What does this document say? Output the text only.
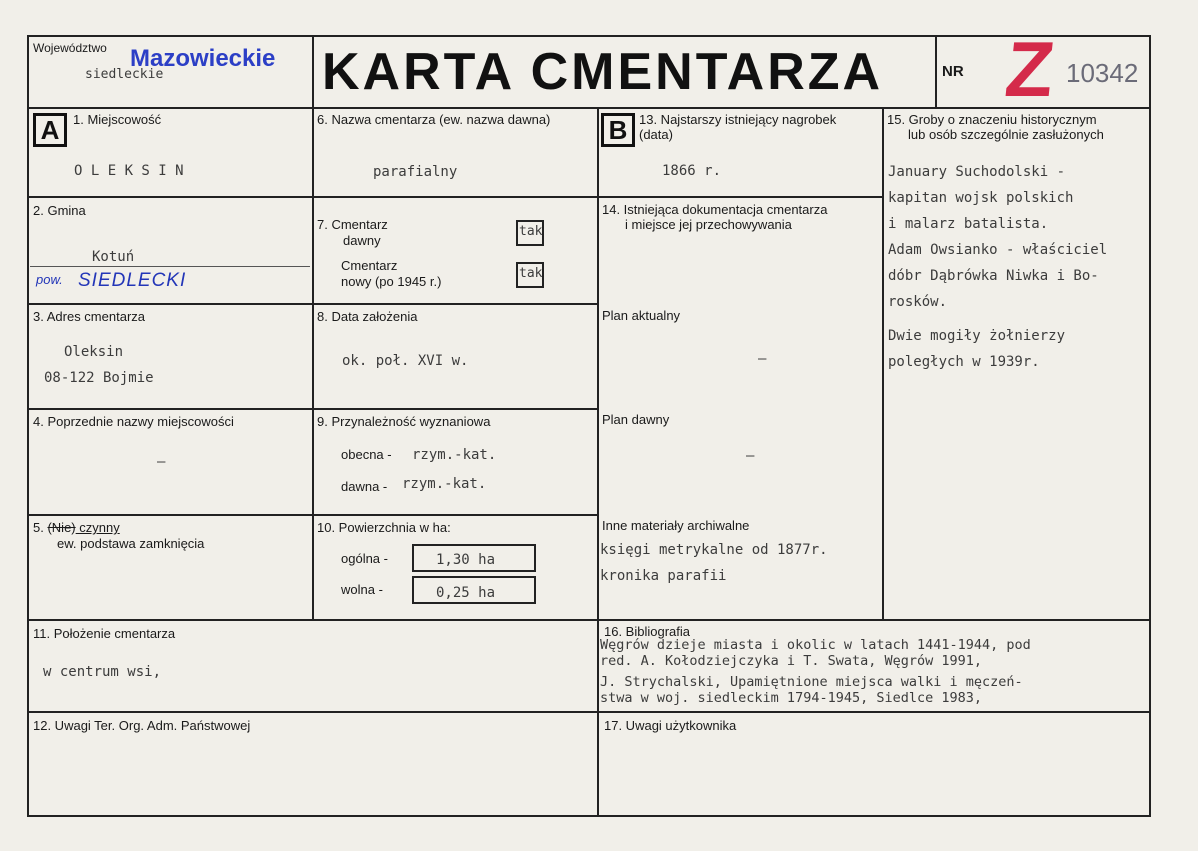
Województwo Mazowieckie
siedleckie	KARTA CMENTARZA	NR Z 10342
A	B
1. Miejscowość
O L E K S I N
6. Nazwa cmentarza (ew. nazwa dawna)
parafialny
13. Najstarszy istniejący nagrobek
(data)
1866 r.
15. Groby o znaczeniu historycznym
lub osób szczególnie zasłużonych
January Suchodolski -
kapitan wojsk polskich
i malarz batalista.
Adam Owsianko - właściciel
dóbr Dąbrówka Niwka i Bo-
rosków.
Dwie mogiły żołnierzy
poległych w 1939r.
2. Gmina
Kotuń
pow. SIEDLECKI
7. Cmentarz
dawny
tak
Cmentarz
nowy (po 1945 r.)
tak
14. Istniejąca dokumentacja cmentarza
i miejsce jej przechowywania
Plan aktualny
–
Plan dawny
–
Inne materiały archiwalne
księgi metrykalne od 1877r.
kronika parafii
3. Adres cmentarza
Oleksin
08-122 Bojmie
8. Data założenia
ok. poł. XVI w.
4. Poprzednie nazwy miejscowości
–
9. Przynależność wyznaniowa
obecna - rzym.-kat.
dawna - rzym.-kat.
5. (Nie) czynny
ew. podstawa zamknięcia
10. Powierzchnia w ha:
ogólna -	1,30 ha
wolna -	0,25 ha
11. Położenie cmentarza
w centrum wsi,
16. Bibliografia
Węgrów dzieje miasta i okolic w latach 1441-1944, pod
red. A. Kołodziejczyka i T. Swata, Węgrów 1991,
J. Strychalski, Upamiętnione miejsca walki i męczeń-
stwa w woj. siedleckim 1794-1945, Siedlce 1983,
12. Uwagi Ter. Org. Adm. Państwowej	17. Uwagi użytkownika
